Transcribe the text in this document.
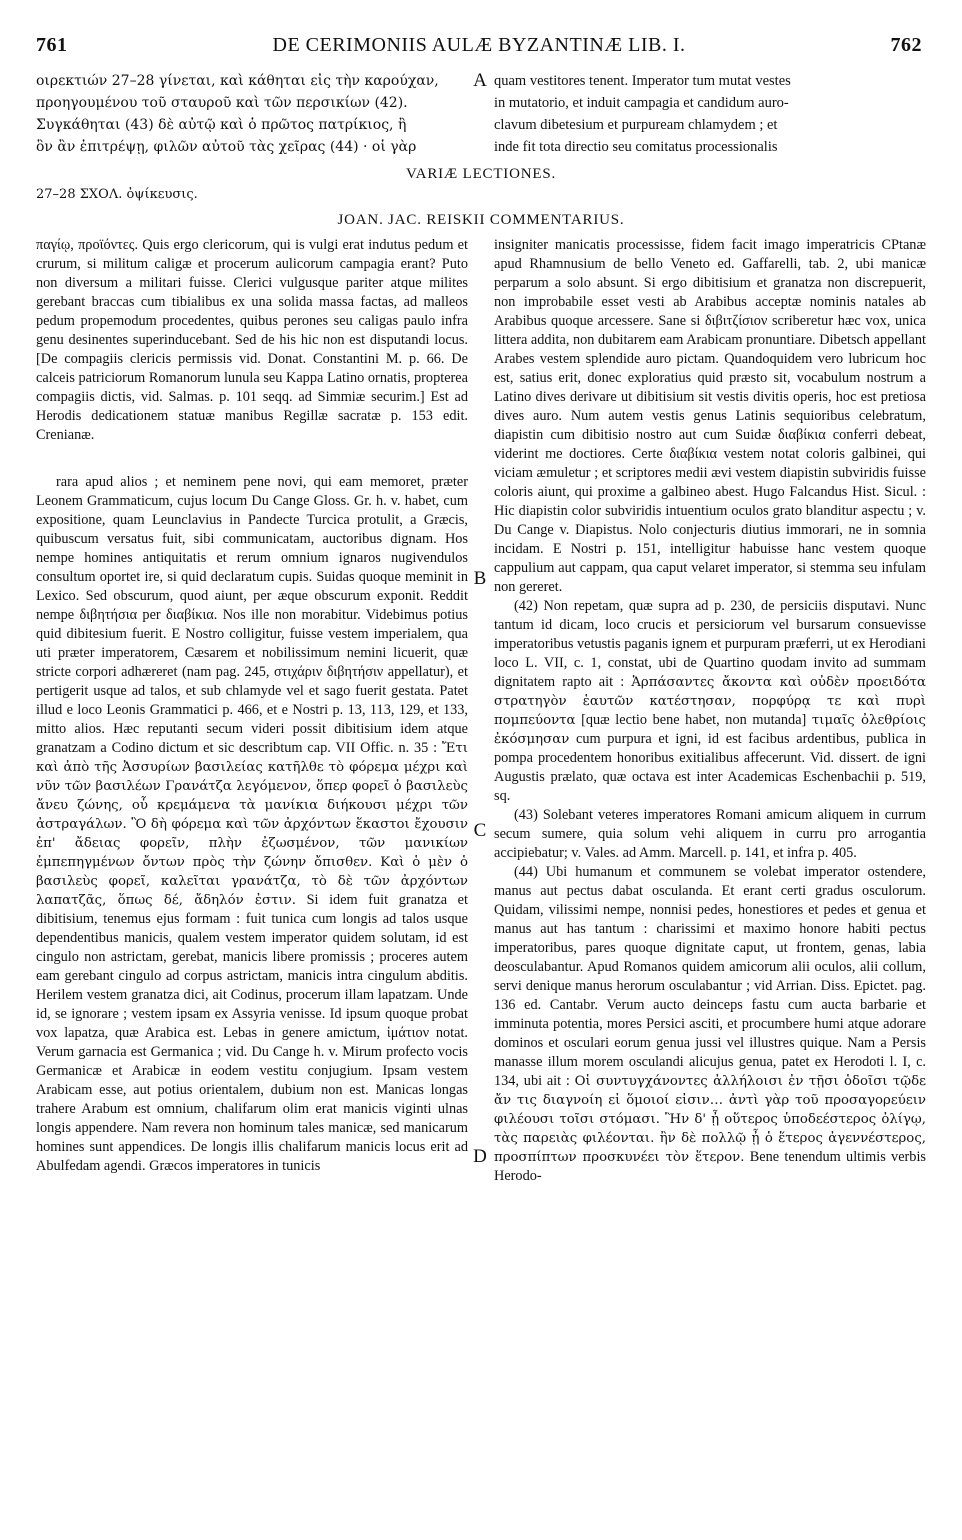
761	DE CERIMONIIS AULÆ BYZANTINÆ LIB. I.	762
οιρεκτιών 27–28 γίνεται, καὶ κάθηται εἰς τὴν καρούχαν,
προηγουμένου τοῦ σταυροῦ καὶ τῶν περσικίων (42).
Συγκάθηται (43) δὲ αὐτῷ καὶ ὁ πρῶτος πατρίκιος, ἢ
ὃν ἂν ἐπιτρέψῃ, φιλῶν αὐτοῦ τὰς χεῖρας (44) · οἱ γὰρ
quam vestitores tenent. Imperator tum mutat vestes
in mutatorio, et induit campagia et candidum auro-
clavum dibetesium et purpuream chlamydem ; et
inde fit tota directio seu comitatus processionalis
A
VARIÆ LECTIONES.
27–28 ΣΧΟΛ. ὀψίκευσις.
JOAN. JAC. REISKII COMMENTARIUS.

παγίῳ, προϊόντες. Quis ergo clericorum, qui is vulgi erat indutus pedum et crurum, si militum caligæ et procerum aulicorum campagia erant? Puto non diversum a militari fuisse. Clerici vulgusque pariter atque milites gerebant braccas cum tibialibus ex una solida massa factas, ad malleos pedum propemodum procedentes, quibus perones seu caligas paulo infra genu desinentes superinducebant. Sed de his hic non est disputandi locus. [De compagiis clericis permissis vid. Donat. Constantini M. p. 66. De calceis patriciorum Romanorum lunula seu Kappa Latino ornatis, propterea compagiis dictis, vid. Salmas. p. 101 seqq. ad Simmiæ securim.] Est ad Herodis dedicationem statuæ manibus Regillæ sacratæ p. 153 edit. Crenianæ.

rara apud alios ; et neminem pene novi, qui eam memoret, præter Leonem Grammaticum, cujus locum Du Cange Gloss. Gr. h. v. habet, cum expositione, quam Leunclavius in Pandecte Turcica protulit, a Græcis, quibuscum versatus fuit, sibi communicatam, auctoribus dignam. Hos nempe homines antiquitatis et rerum omnium ignaros nugivendulos consultum oportet ire, si quid declaratum cupis. Suidas quoque meminit in Lexico. Sed obscurum, quod aiunt, per æque obscurum exponit. Reddit nempe διβητήσια per διαβίκια. Nos ille non morabitur. Videbimus potius quid dibitesium fuerit. E Nostro colligitur, fuisse vestem imperialem, qua uti præter imperatorem, Cæsarem et nobilissimum nemini licuerit, quæ stricte corpori adhæreret (nam pag. 245, στιχάριν διβητήσιν appellatur), et pertigerit usque ad talos, et sub chlamyde vel et sago fuerit gestata. Patet illud e loco Leonis Grammatici p. 466, et e Nostri p. 13, 113, 129, et 133, mitto alios. Hæc reputanti secum videri possit dibitisium idem atque granatzam a Codino dictum et sic describtum cap. VII Offic. n. 35 : Ἔτι καὶ ἀπὸ τῆς Ἀσσυρίων βασιλείας κατῆλθε τὸ φόρεμα μέχρι καὶ νῦν τῶν βασιλέων Γρανάτζα λεγόμενον, ὅπερ φορεῖ ὁ βασιλεὺς ἄνευ ζώνης, οὗ κρεμάμενα τὰ μανίκια διήκουσι μέχρι τῶν ἀστραγάλων. Ὃ δὴ φόρεμα καὶ τῶν ἀρχόντων ἕκαστοι ἔχουσιν ἐπ' ἄδειας φορεῖν, πλὴν ἐζωσμένον, τῶν μανικίων ἐμπεπηγμένων ὄντων πρὸς τὴν ζώνην ὄπισθεν. Καὶ ὁ μὲν ὁ βασιλεὺς φορεῖ, καλεῖται γρανάτζα, τὸ δὲ τῶν ἀρχόντων λαπατζᾶς, ὅπως δέ, ἄδηλόν ἐστιν. Si idem fuit granatza et dibitisium, tenemus ejus formam : fuit tunica cum longis ad talos usque dependentibus manicis, qualem vestem imperator quidem solutam, id est cingulo non astrictam, gerebat, manicis libere promissis ; proceres autem eam gerebant cingulo ad corpus astrictam, manicis intra cingulum abditis. Herilem vestem granatza dici, ait Codinus, procerum illam lapatzam. Unde id, se ignorare ; vestem ipsam ex Assyria venisse. Id ipsum quoque probat vox lapatza, quæ Arabica est. Lebas in genere amictum, ἱμάτιον notat. Verum garnacia est Germanica ; vid. Du Cange h. v. Mirum profecto vocis Germanicæ et Arabicæ in eodem vestitu conjugium. Ipsam vestem Arabicam esse, aut potius orientalem, dubium non est. Manicas longas trahere Arabum est omnium, chalifarum olim erat manicis viginti ulnas longis appendere. Nam revera non hominum tales manicæ, sed manicarum homines sunt appendices. De longis illis chalifarum manicis locus erit ad Abulfedam agendi. Græcos imperatores in tunicis

insigniter manicatis processisse, fidem facit imago imperatricis CPtanæ apud Rhamnusium de bello Veneto ed. Gaffarelli, tab. 2, ubi manicæ perparum a solo absunt. Si ergo dibitisium et granatza non discrepuerit, non improbabile esset vesti ab Arabibus acceptæ nominis natales ab Arabibus quoque arcessere. Sane si διβιτζίσιον scriberetur hæc vox, unica littera addita, non dubitarem eam Arabicam pronuntiare. Dibetsch appellant Arabes vestem splendide auro pictam. Quandoquidem vero lubricum hoc est, satius erit, donec exploratius quid præsto sit, vocabulum nostrum a Latino dives derivare ut dibitisium sit vestis divitis operis, hoc est pretiosa dives auro. Num autem vestis genus Latinis sequioribus celebratum, diapistin cum dibitisio nostro aut cum Suidæ διαβίκια conferri debeat, viderint me doctiores. Certe διαβίκια vestem notat coloris galbinei, qui viciam æmuletur ; et scriptores medii ævi vestem diapistin subviridis fuisse coloris aiunt, qui proxime a galbineo abest. Hugo Falcandus Hist. Sicul. : Hic diapistin color subviridis intuentium oculos grato blanditur aspectu ; v. Du Cange v. Diapistus. Nolo conjecturis diutius immorari, ne in somnia incidam. E Nostri p. 151, intelligitur habuisse hanc vestem quoque cappulium aut cappam, qua caput velaret imperator, si stemma seu infulam non gereret.

(42) Non repetam, quæ supra ad p. 230, de persiciis disputavi. Nunc tantum id dicam, loco crucis et persiciorum vel bursarum consuevisse imperatoribus vetustis paganis ignem et purpuram præferri, ut ex Herodiani loco L. VII, c. 1, constat, ubi de Quartino quodam invito ad summam dignitatem rapto ait : Ἁρπάσαντες ἄκοντα καὶ οὐδὲν προειδότα στρατηγὸν ἑαυτῶν κατέστησαν, πορφύρᾳ τε καὶ πυρὶ πομπεύοντα [quæ lectio bene habet, non mutanda] τιμαῖς ὀλεθρίοις ἐκόσμησαν cum purpura et igni, id est facibus ardentibus, publica in pompa procedentem honoribus exitialibus affecerunt. Vid. dissert. de igni Augustis prælato, quæ octava est inter Academicas Eschenbachii p. 519, sq.

(43) Solebant veteres imperatores Romani amicum aliquem in currum secum sumere, quia solum vehi aliquem in curru pro arrogantia accipiebatur; v. Vales. ad Amm. Marcell. p. 141, et infra p. 405.

(44) Ubi humanum et communem se volebat imperator ostendere, manus aut pectus dabat osculanda. Et erant certi gradus osculorum. Quidam, vilissimi nempe, nonnisi pedes, honestiores et pedes et genua et manus aut has tantum : charissimi et maximo honore habiti pectus imperatoribus, pares quoque dignitate caput, ut frontem, genas, labia deosculabantur. Apud Romanos quidem amicorum alii oculos, alii collum, servi denique manus herorum osculabantur ; vid Arrian. Diss. Epictet. pag. 136 ed. Cantabr. Verum aucto deinceps fastu cum aucta barbarie et imminuta potentia, mores Persici asciti, et procumbere humi atque adorare dominos et osculari eorum genua jussi vel illustres quique. Nam a Persis manasse illum morem osculandi alicujus genua, patet ex Herodoti l. I, c. 134, ubi ait : Οἱ συντυγχάνοντες ἀλλήλοισι ἐν τῇσι ὁδοῖσι τῷδε ἄν τις διαγνοίη εἰ ὅμοιοί εἰσιν… ἀντὶ γὰρ τοῦ προσαγορεύειν φιλέουσι τοῖσι στόμασι. Ἢν δ' ᾖ οὕτερος ὑποδεέστερος ὀλίγῳ, τὰς παρειὰς φιλέονται. ἢν δὲ πολλῷ ᾖ ὁ ἕτερος ἀγεννέστερος, προσπίπτων προσκυνέει τὸν ἕτερον. Bene tenendum ultimis verbis Herodo-

B
C
D
